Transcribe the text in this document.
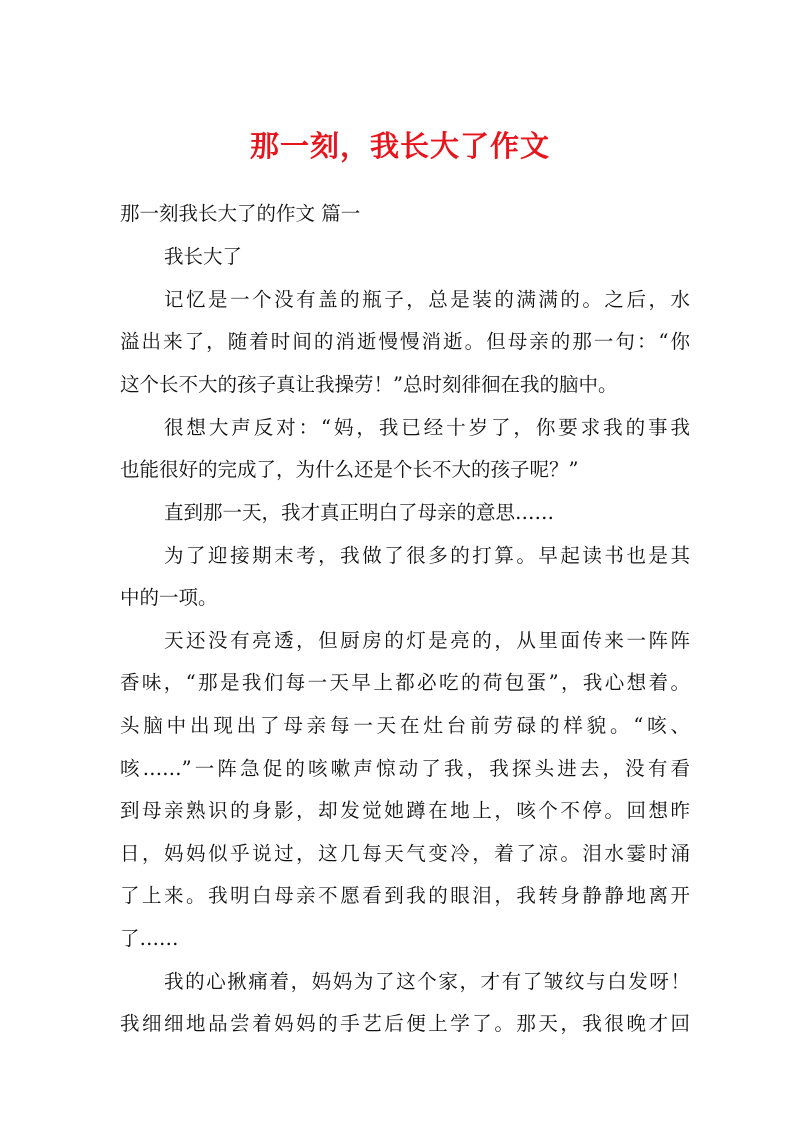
那一刻，我长大了作文
那一刻我长大了的作文 篇一
我长大了
记忆是一个没有盖的瓶子，总是装的满满的。之后，水
溢出来了，随着时间的消逝慢慢消逝。但母亲的那一句：“你
这个长不大的孩子真让我操劳！”总时刻徘徊在我的脑中。
很想大声反对：“妈，我已经十岁了，你要求我的事我
也能很好的完成了，为什么还是个长不大的孩子呢？”
直到那一天，我才真正明白了母亲的意思……
为了迎接期末考，我做了很多的打算。早起读书也是其
中的一项。
天还没有亮透，但厨房的灯是亮的，从里面传来一阵阵
香味，“那是我们每一天早上都必吃的荷包蛋”，我心想着。
头脑中出现出了母亲每一天在灶台前劳碌的样貌。“咳、
咳……”一阵急促的咳嗽声惊动了我，我探头进去，没有看
到母亲熟识的身影，却发觉她蹲在地上，咳个不停。回想昨
日，妈妈似乎说过，这几每天气变冷，着了凉。泪水霎时涌
了上来。我明白母亲不愿看到我的眼泪，我转身静静地离开
了……
我的心揪痛着，妈妈为了这个家，才有了皱纹与白发呀！
我细细地品尝着妈妈的手艺后便上学了。那天，我很晚才回
